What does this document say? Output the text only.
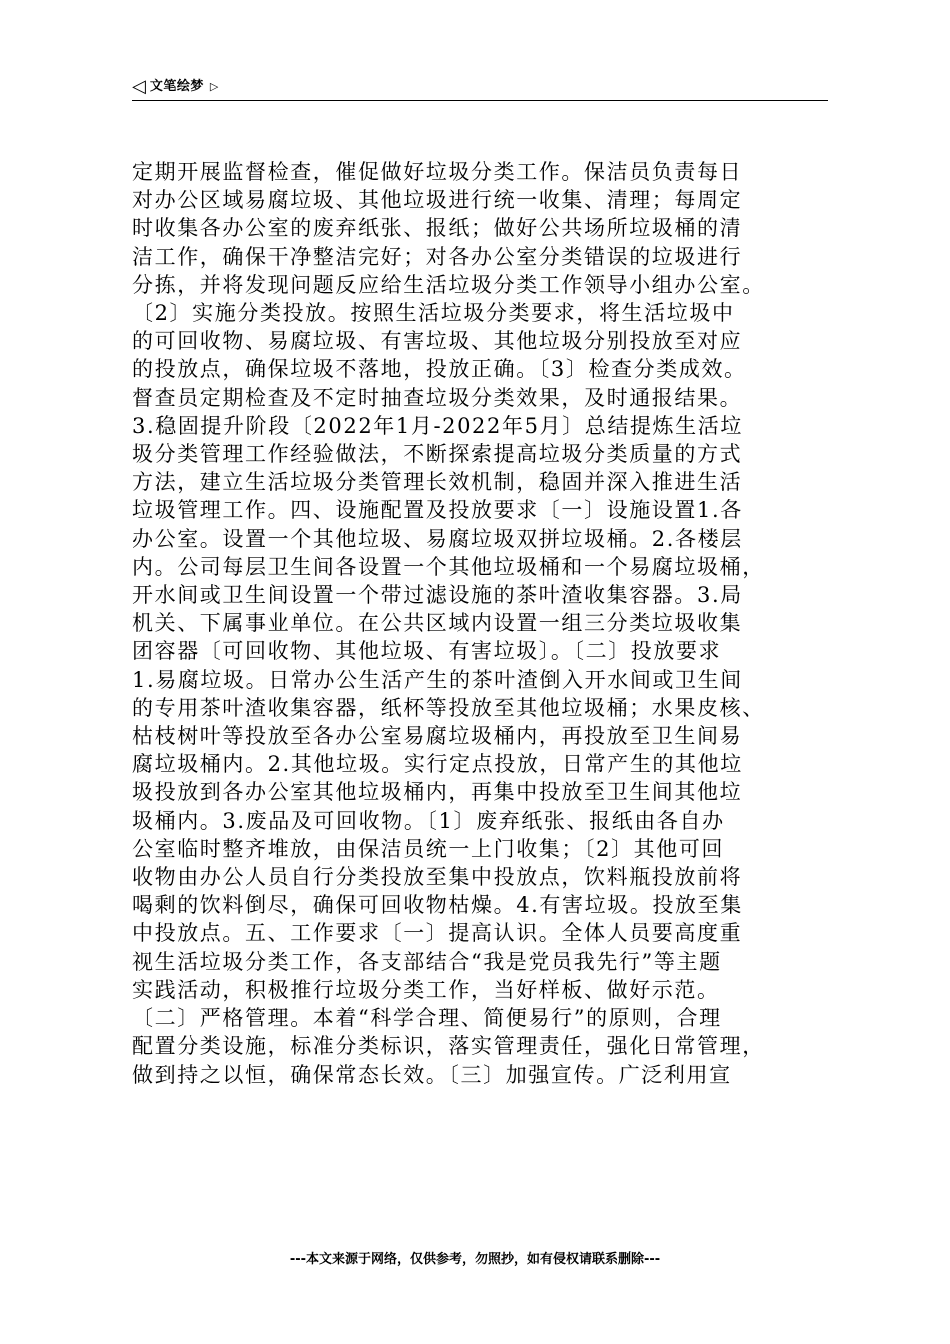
◁ 文笔绘梦 ▷
定期开展监督检查，催促做好垃圾分类工作。保洁员负责每日
对办公区域易腐垃圾、其他垃圾进行统一收集、清理；每周定
时收集各办公室的废弃纸张、报纸；做好公共场所垃圾桶的清
洁工作，确保干净整洁完好；对各办公室分类错误的垃圾进行
分拣，并将发现问题反应给生活垃圾分类工作领导小组办公室。
〔2〕实施分类投放。按照生活垃圾分类要求，将生活垃圾中
的可回收物、易腐垃圾、有害垃圾、其他垃圾分别投放至对应
的投放点，确保垃圾不落地，投放正确。〔3〕检查分类成效。
督查员定期检查及不定时抽查垃圾分类效果，及时通报结果。
3.稳固提升阶段〔2022年1月-2022年5月〕总结提炼生活垃
圾分类管理工作经验做法，不断探索提高垃圾分类质量的方式
方法，建立生活垃圾分类管理长效机制，稳固并深入推进生活
垃圾管理工作。四、设施配置及投放要求〔一〕设施设置1.各
办公室。设置一个其他垃圾、易腐垃圾双拼垃圾桶。2.各楼层
内。公司每层卫生间各设置一个其他垃圾桶和一个易腐垃圾桶，
开水间或卫生间设置一个带过滤设施的茶叶渣收集容器。3.局
机关、下属事业单位。在公共区域内设置一组三分类垃圾收集
团容器〔可回收物、其他垃圾、有害垃圾〕。〔二〕投放要求
1.易腐垃圾。日常办公生活产生的茶叶渣倒入开水间或卫生间
的专用茶叶渣收集容器，纸杯等投放至其他垃圾桶；水果皮核、
枯枝树叶等投放至各办公室易腐垃圾桶内，再投放至卫生间易
腐垃圾桶内。2.其他垃圾。实行定点投放，日常产生的其他垃
圾投放到各办公室其他垃圾桶内，再集中投放至卫生间其他垃
圾桶内。3.废品及可回收物。〔1〕废弃纸张、报纸由各自办
公室临时整齐堆放，由保洁员统一上门收集；〔2〕其他可回
收物由办公人员自行分类投放至集中投放点，饮料瓶投放前将
喝剩的饮料倒尽，确保可回收物枯燥。4.有害垃圾。投放至集
中投放点。五、工作要求〔一〕提高认识。全体人员要高度重
视生活垃圾分类工作，各支部结合“我是党员我先行”等主题
实践活动，积极推行垃圾分类工作，当好样板、做好示范。
〔二〕严格管理。本着“科学合理、简便易行”的原则，合理
配置分类设施，标准分类标识，落实管理责任，强化日常管理，
做到持之以恒，确保常态长效。〔三〕加强宣传。广泛利用宣
---本文来源于网络，仅供参考，勿照抄，如有侵权请联系删除---
